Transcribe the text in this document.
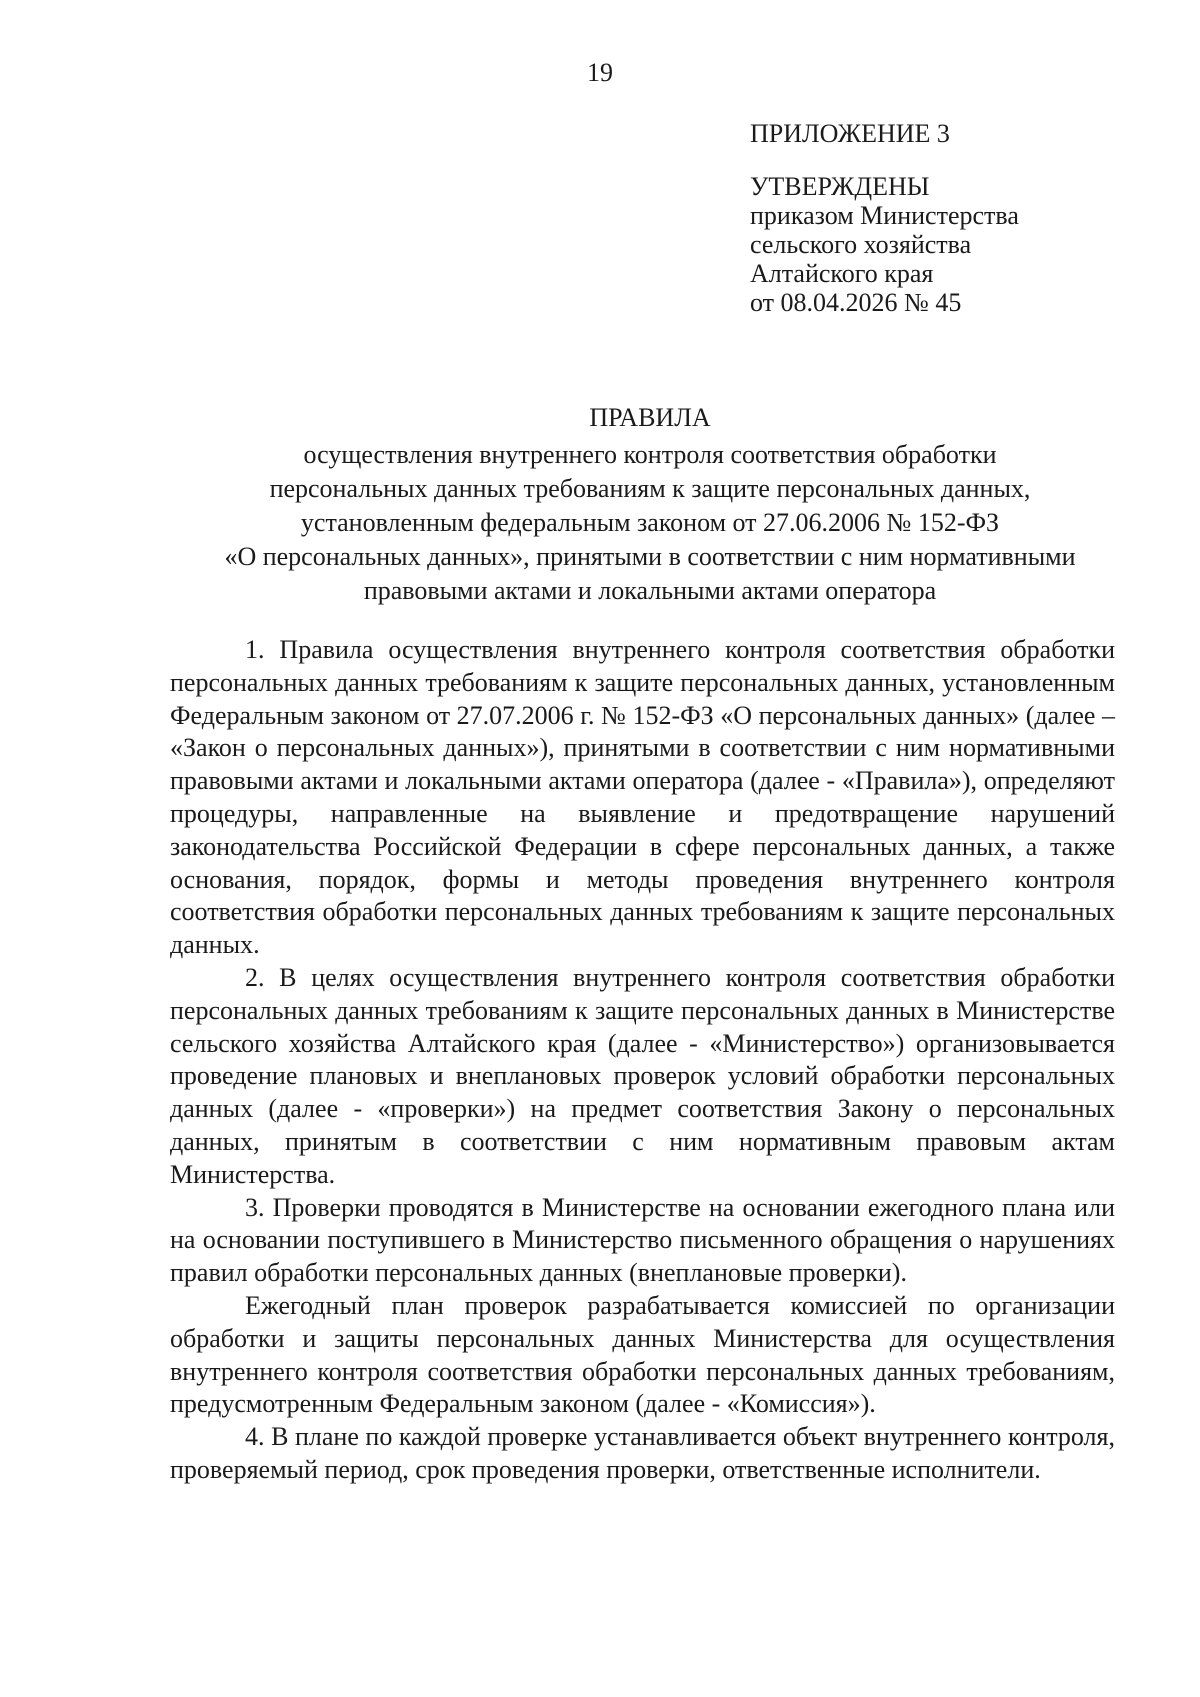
19
ПРИЛОЖЕНИЕ 3
УТВЕРЖДЕНЫ
приказом Министерства
сельского хозяйства
Алтайского края
от 08.04.2026 № 45
ПРАВИЛА
осуществления внутреннего контроля соответствия обработки
персональных данных требованиям к защите персональных данных,
установленным федеральным законом от 27.06.2006 № 152-ФЗ
«О персональных данных», принятыми в соответствии с ним нормативными
правовыми актами и локальными актами оператора

1. Правила осуществления внутреннего контроля соответствия обработки персональных данных требованиям к защите персональных данных, установленным Федеральным законом от 27.07.2006 г. № 152-ФЗ «О персональных данных» (далее – «Закон о персональных данных»), принятыми в соответствии с ним нормативными правовыми актами и локальными актами оператора (далее - «Правила»), определяют процедуры, направленные на выявление и предотвращение нарушений законодательства Российской Федерации в сфере персональных данных, а также основания, порядок, формы и методы проведения внутреннего контроля соответствия обработки персональных данных требованиям к защите персональных данных.

2. В целях осуществления внутреннего контроля соответствия обработки персональных данных требованиям к защите персональных данных в Министерстве сельского хозяйства Алтайского края (далее - «Министерство») организовывается проведение плановых и внеплановых проверок условий обработки персональных данных (далее - «проверки») на предмет соответствия Закону о персональных данных, принятым в соответствии с ним нормативным правовым актам Министерства.

3. Проверки проводятся в Министерстве на основании ежегодного плана или на основании поступившего в Министерство письменного обращения о нарушениях правил обработки персональных данных (внеплановые проверки).

Ежегодный план проверок разрабатывается комиссией по организации обработки и защиты персональных данных Министерства для осуществления внутреннего контроля соответствия обработки персональных данных требованиям, предусмотренным Федеральным законом (далее - «Комиссия»).

4. В плане по каждой проверке устанавливается объект внутреннего контроля, проверяемый период, срок проведения проверки, ответственные исполнители.
